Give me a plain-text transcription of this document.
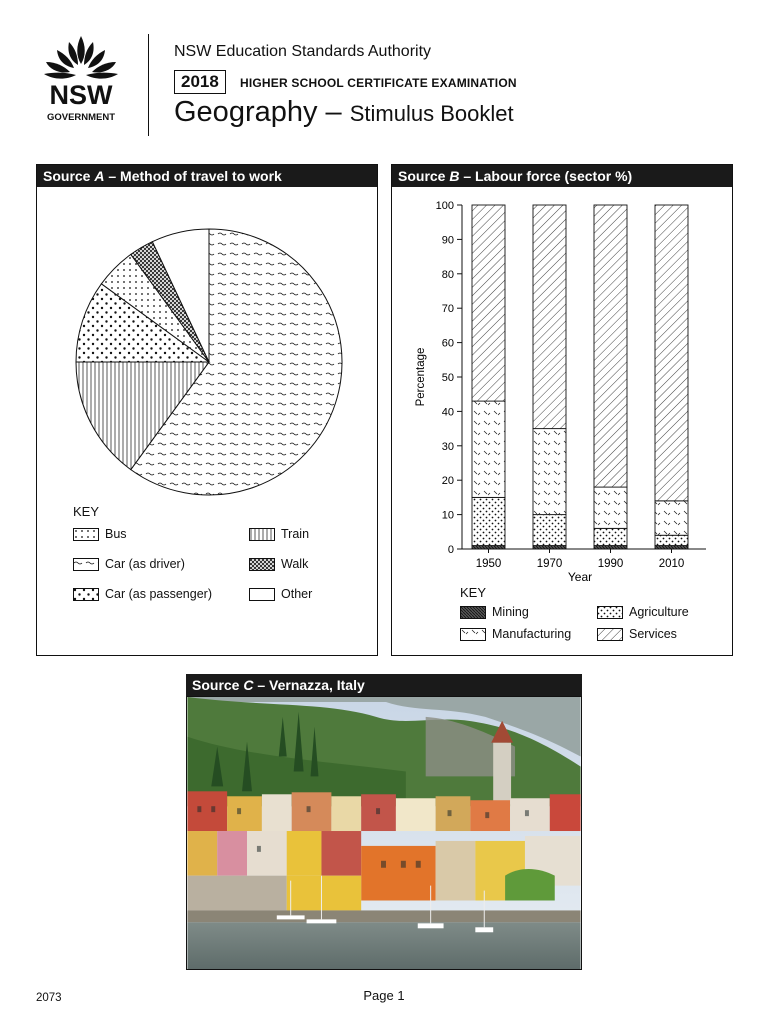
NSW
GOVERNMENT
NSW Education Standards Authority
2018	HIGHER SCHOOL CERTIFICATE EXAMINATION
Geography – Stimulus Booklet
Source A – Method of travel to work
KEY
Bus	Train
Car (as driver)	Walk
Car (as passenger)	Other
Source B – Labour force (sector %)
0
10
20
30
40
50
60
70
80
90
100
Percentage
1950	1970	1990	2010
Year
KEY
Mining	Agriculture
Manufacturing	Services
Source C – Vernazza, Italy
2073	Page 1
